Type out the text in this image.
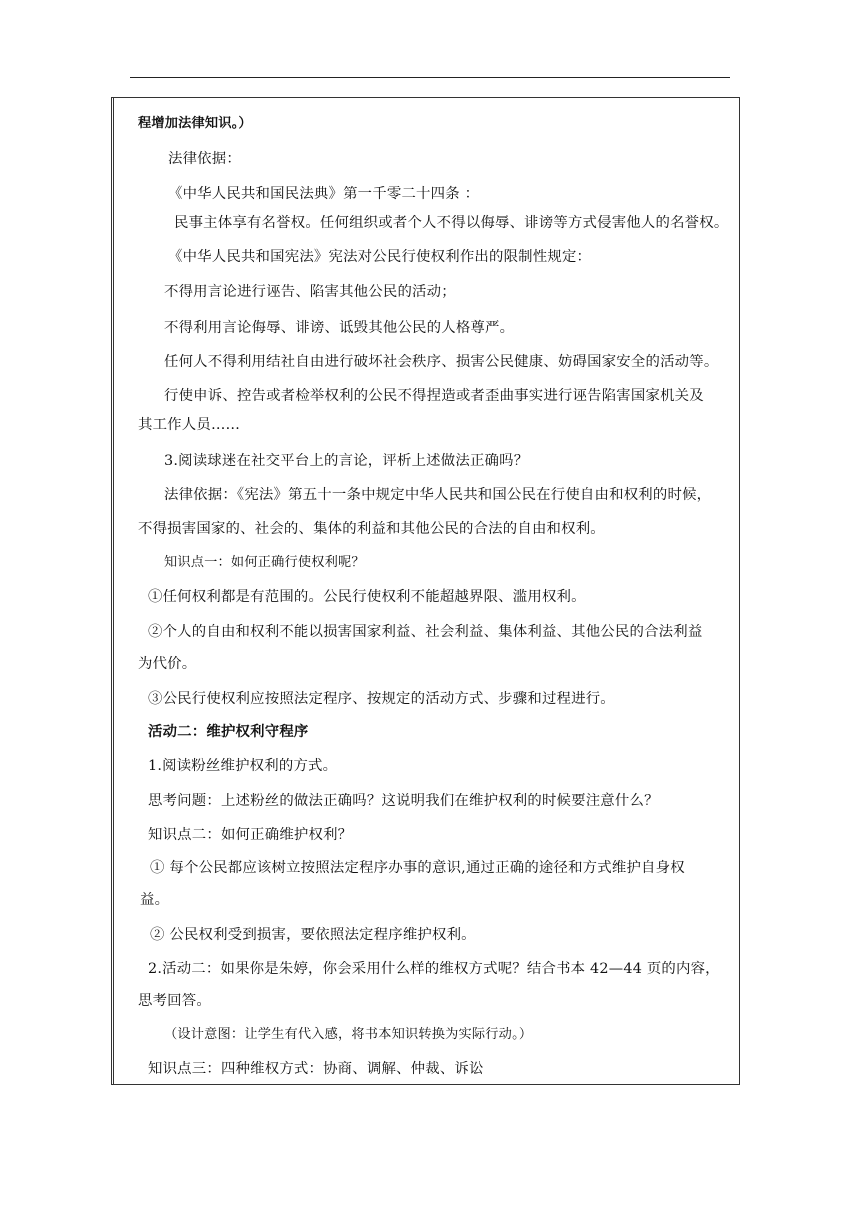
程增加法律知识。）
法律依据：
《中华人民共和国民法典》第一千零二十四条 ：
民事主体享有名誉权。任何组织或者个人不得以侮辱、诽谤等方式侵害他人的名誉权。
《中华人民共和国宪法》宪法对公民行使权利作出的限制性规定：
不得用言论进行诬告、陷害其他公民的活动；
不得利用言论侮辱、诽谤、诋毁其他公民的人格尊严。
任何人不得利用结社自由进行破坏社会秩序、损害公民健康、妨碍国家安全的活动等。
行使申诉、控告或者检举权利的公民不得捏造或者歪曲事实进行诬告陷害国家机关及
其工作人员……
3.阅读球迷在社交平台上的言论，评析上述做法正确吗？
法律依据：《宪法》第五十一条中规定中华人民共和国公民在行使自由和权利的时候，
不得损害国家的、社会的、集体的利益和其他公民的合法的自由和权利。
知识点一：如何正确行使权利呢？
①任何权利都是有范围的。公民行使权利不能超越界限、滥用权利。
②个人的自由和权利不能以损害国家利益、社会利益、集体利益、其他公民的合法利益
为代价。
③公民行使权利应按照法定程序、按规定的活动方式、步骤和过程进行。
活动二：维护权利守程序
1.阅读粉丝维护权利的方式。
思考问题：上述粉丝的做法正确吗？这说明我们在维护权利的时候要注意什么？
知识点二：如何正确维护权利？
① 每个公民都应该树立按照法定程序办事的意识,通过正确的途径和方式维护自身权
益。
② 公民权利受到损害，要依照法定程序维护权利。
2.活动二：如果你是朱婷，你会采用什么样的维权方式呢？结合书本 42—44 页的内容，
思考回答。
（设计意图：让学生有代入感，将书本知识转换为实际行动。）
知识点三：四种维权方式：协商、调解、仲裁、诉讼
